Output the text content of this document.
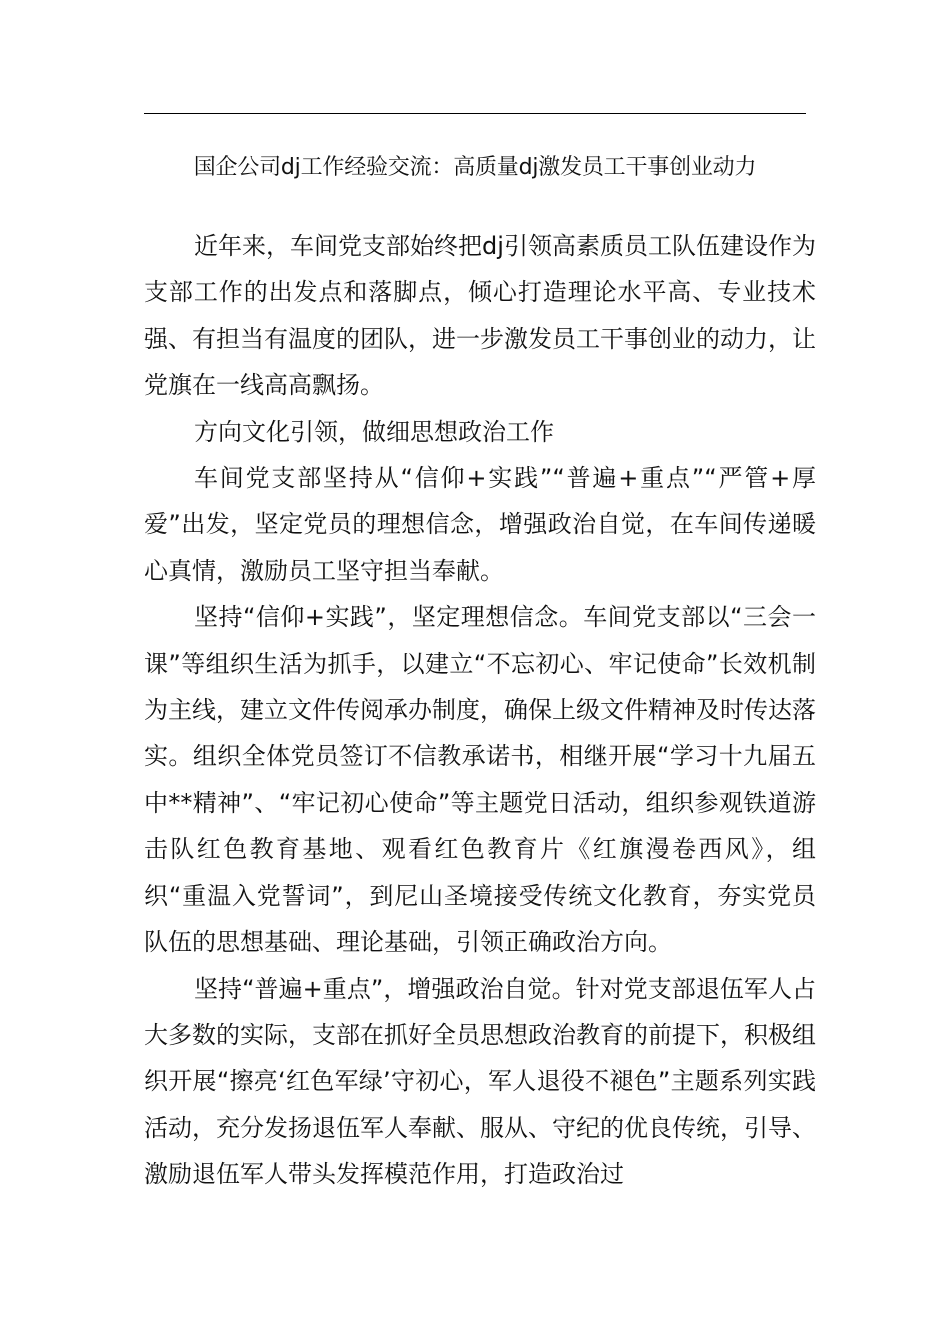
国企公司dj工作经验交流：高质量dj激发员工干事创业动力

近年来，车间党支部始终把dj引领高素质员工队伍建设作为支部工作的出发点和落脚点，倾心打造理论水平高、专业技术强、有担当有温度的团队，进一步激发员工干事创业的动力，让党旗在一线高高飘扬。

方向文化引领，做细思想政治工作

车间党支部坚持从“信仰+实践”“普遍+重点”“严管+厚爱”出发，坚定党员的理想信念，增强政治自觉，在车间传递暖心真情，激励员工坚守担当奉献。

坚持“信仰+实践”，坚定理想信念。车间党支部以“三会一课”等组织生活为抓手，以建立“不忘初心、牢记使命”长效机制为主线，建立文件传阅承办制度，确保上级文件精神及时传达落实。组织全体党员签订不信教承诺书，相继开展“学习十九届五中**精神”、“牢记初心使命”等主题党日活动，组织参观铁道游击队红色教育基地、观看红色教育片《红旗漫卷西风》，组织“重温入党誓词”，到尼山圣境接受传统文化教育，夯实党员队伍的思想基础、理论基础，引领正确政治方向。

坚持“普遍+重点”，增强政治自觉。针对党支部退伍军人占大多数的实际，支部在抓好全员思想政治教育的前提下，积极组织开展“擦亮‘红色军绿’守初心，军人退役不褪色”主题系列实践活动，充分发扬退伍军人奉献、服从、守纪的优良传统，引导、激励退伍军人带头发挥模范作用，打造政治过
